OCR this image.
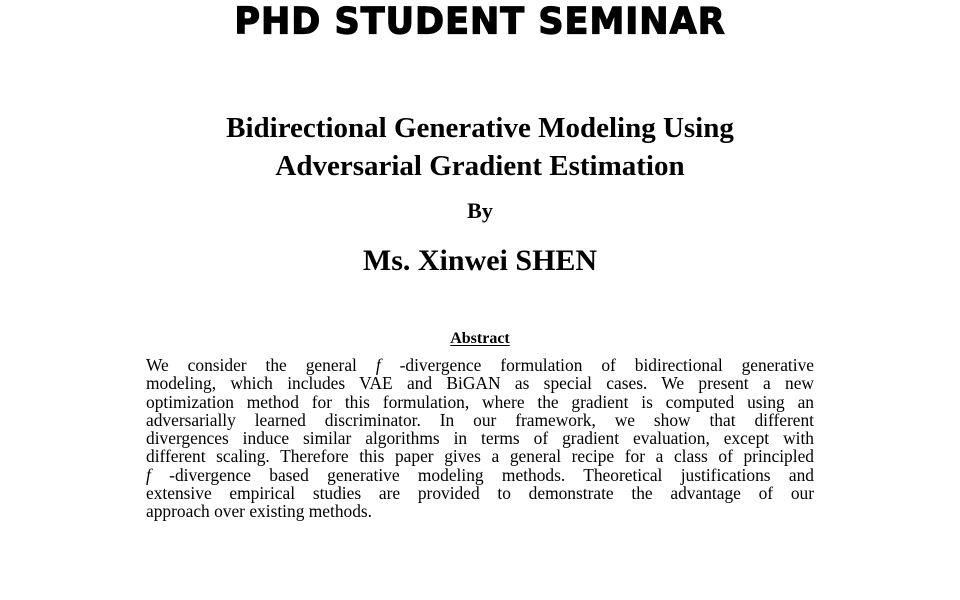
PHD STUDENT SEMINAR
Bidirectional Generative Modeling Using
Adversarial Gradient Estimation
By
Ms. Xinwei SHEN
Abstract
We consider the general f -divergence formulation of bidirectional generative
modeling, which includes VAE and BiGAN as special cases. We present a new
optimization method for this formulation, where the gradient is computed using an
adversarially learned discriminator. In our framework, we show that different
divergences induce similar algorithms in terms of gradient evaluation, except with
different scaling. Therefore this paper gives a general recipe for a class of principled
f -divergence based generative modeling methods. Theoretical justifications and
extensive empirical studies are provided to demonstrate the advantage of our
approach over existing methods.
